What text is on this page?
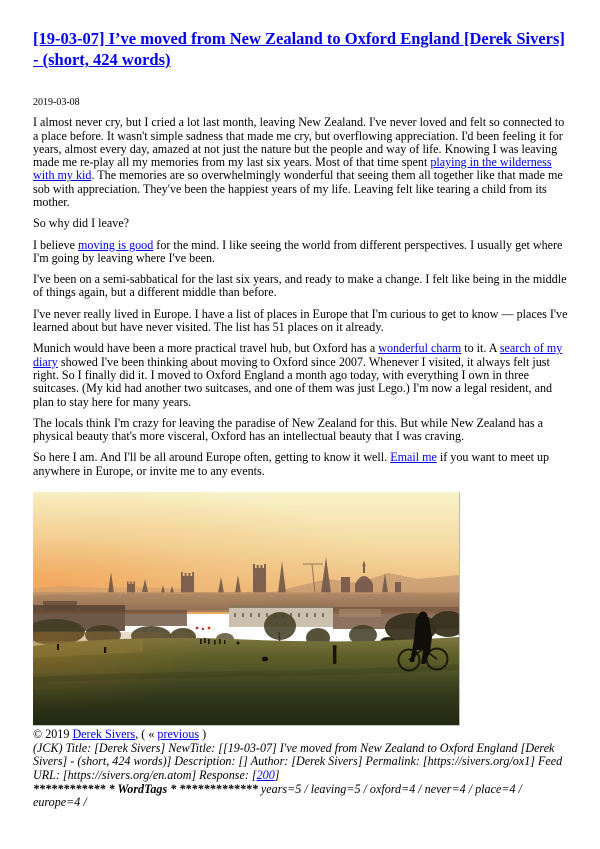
[19-03-07] I’ve moved from New Zealand to Oxford England [Derek Sivers] - (short, 424 words)
2019-03-08

I almost never cry, but I cried a lot last month, leaving New Zealand. I've never loved and felt so connected to a place before. It wasn't simple sadness that made me cry, but overflowing appreciation. I'd been feeling it for years, almost every day, amazed at not just the nature but the people and way of life. Knowing I was leaving made me re-play all my memories from my last six years. Most of that time spent playing in the wilderness with my kid. The memories are so overwhelmingly wonderful that seeing them all together like that made me sob with appreciation. They've been the happiest years of my life. Leaving felt like tearing a child from its mother.

So why did I leave?

I believe moving is good for the mind. I like seeing the world from different perspectives. I usually get where I'm going by leaving where I've been.

I've been on a semi-sabbatical for the last six years, and ready to make a change. I felt like being in the middle of things again, but a different middle than before.

I've never really lived in Europe. I have a list of places in Europe that I'm curious to get to know — places I've learned about but have never visited. The list has 51 places on it already.

Munich would have been a more practical travel hub, but Oxford has a wonderful charm to it. A search of my diary showed I've been thinking about moving to Oxford since 2007. Whenever I visited, it always felt just right. So I finally did it. I moved to Oxford England a month ago today, with everything I own in three suitcases. (My kid had another two suitcases, and one of them was just Lego.) I'm now a legal resident, and plan to stay here for many years.

The locals think I'm crazy for leaving the paradise of New Zealand for this. But while New Zealand has a physical beauty that's more visceral, Oxford has an intellectual beauty that I was craving.

So here I am. And I'll be all around Europe often, getting to know it well. Email me if you want to meet up anywhere in Europe, or invite me to any events.

© 2019 Derek Sivers, ( « previous )
(JCK) Title: [Derek Sivers] NewTitle: [[19-03-07] I've moved from New Zealand to Oxford England [Derek Sivers] - (short, 424 words)] Description: [] Author: [Derek Sivers] Permalink: [https://sivers.org/ox1] Feed URL: [https://sivers.org/en.atom] Response: [200]
************ * WordTags * ************* years=5 / leaving=5 / oxford=4 / never=4 / place=4 / europe=4 /
